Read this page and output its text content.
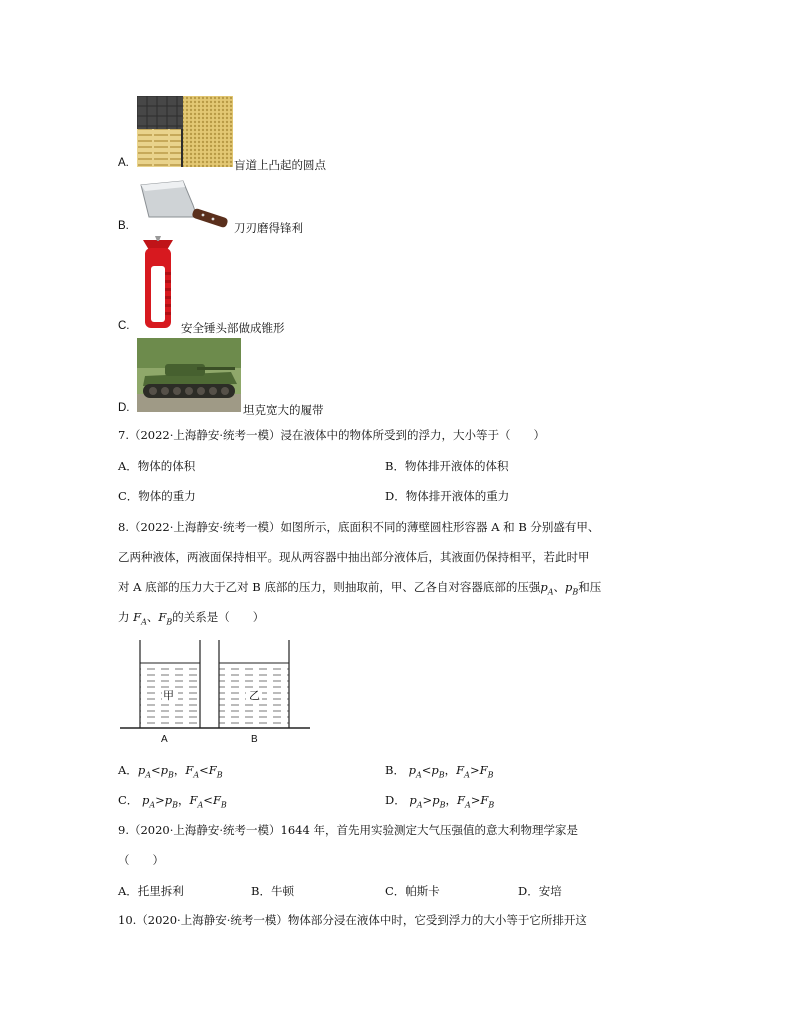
A.	盲道上凸起的圆点
B.	刀刃磨得锋利
C.	安全锤头部做成锥形
D.	坦克宽大的履带
7.（2022·上海静安·统考一模）浸在液体中的物体所受到的浮力，大小等于（　　）
A．物体的体积	B．物体排开液体的体积
C．物体的重力	D．物体排开液体的重力
8.（2022·上海静安·统考一模）如图所示，底面积不同的薄壁圆柱形容器 A 和 B 分别盛有甲、
乙两种液体，两液面保持相平。现从两容器中抽出部分液体后，其液面仍保持相平，若此时甲
对 A 底部的压力大于乙对 B 底部的压力，则抽取前，甲、乙各自对容器底部的压强$p_A$、$p_B$和压
力 $F_A$、$F_B$的关系是（　　）
甲	乙
A	B
A．$p_A<p_B$，$F_A<F_B$	B． $p_A<p_B$，$F_A>F_B$
C． $p_A>p_B$，$F_A<F_B$	D． $p_A>p_B$，$F_A>F_B$
9.（2020·上海静安·统考一模）1644 年，首先用实验测定大气压强值的意大利物理学家是
（　　）
A．托里拆利	B．牛顿	C．帕斯卡	D．安培
10.（2020·上海静安·统考一模）物体部分浸在液体中时，它受到浮力的大小等于它所排开这
